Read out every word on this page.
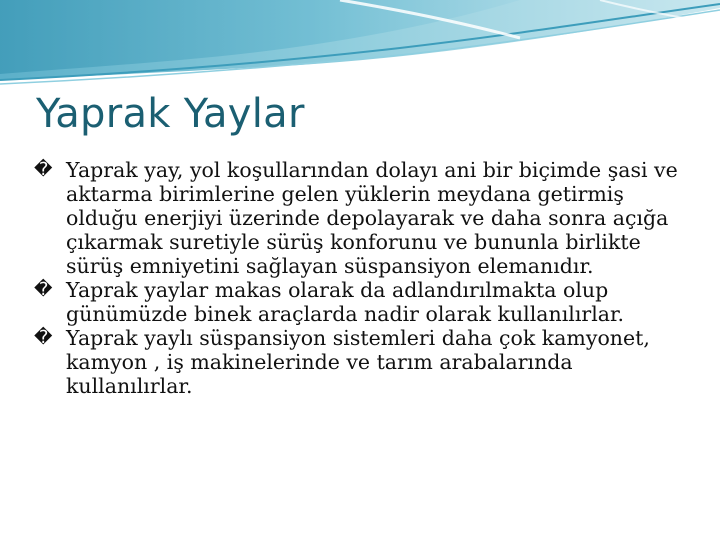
Yaprak Yaylar

� Yaprak yay, yol koşullarından dolayı ani bir biçimde şasi ve aktarma birimlerine gelen yüklerin meydana getirmiş olduğu enerjiyi üzerinde depolayarak ve daha sonra açığa çıkarmak suretiyle sürüş konforunu ve bununla birlikte sürüş emniyetini sağlayan süspansiyon elemanıdır.

� Yaprak yaylar makas olarak da adlandırılmakta olup günümüzde binek araçlarda nadir olarak kullanılırlar.

� Yaprak yaylı süspansiyon sistemleri daha çok kamyonet, kamyon , iş makinelerinde ve tarım arabalarında kullanılırlar.
